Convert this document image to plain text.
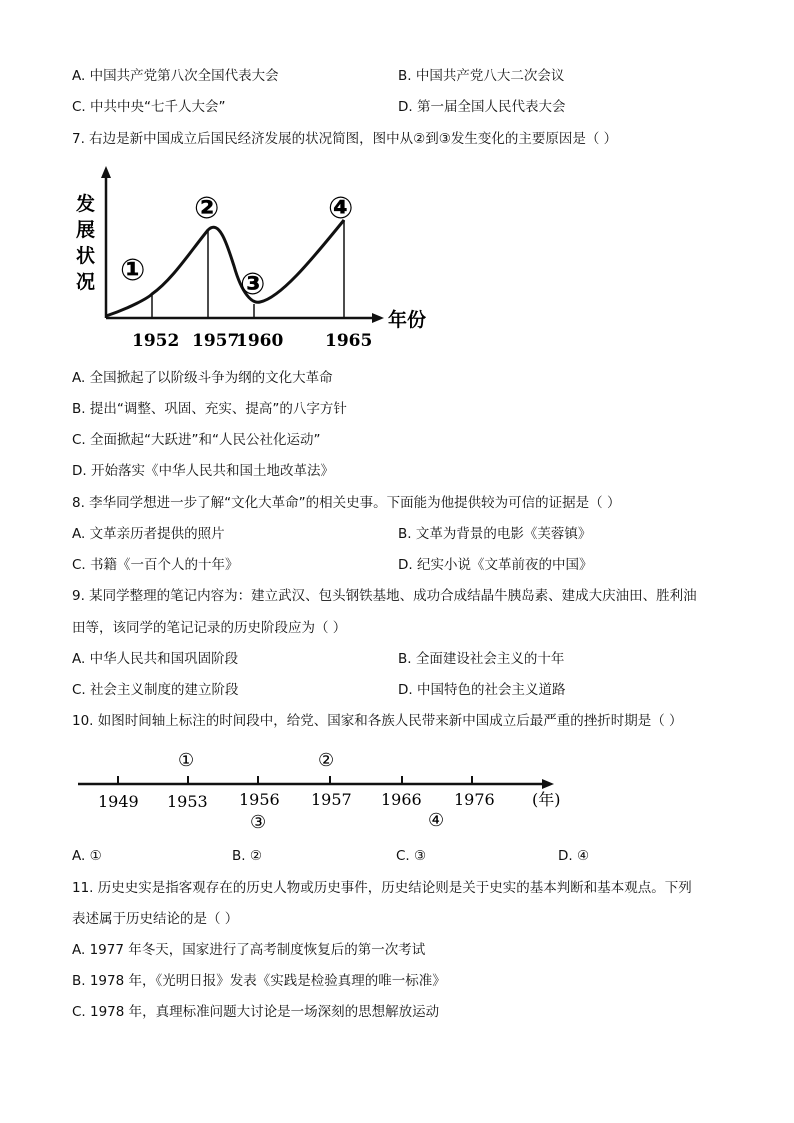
A. 中国共产党第八次全国代表大会	B. 中国共产党八大二次会议
C. 中共中央“七千人大会”	D. 第一届全国人民代表大会
7. 右边是新中国成立后国民经济发展的状况简图，图中从②到③发生变化的主要原因是（ ）
发
展
状
况
年份
①
②
③
④
1952 1957
1960 1965
A. 全国掀起了以阶级斗争为纲的文化大革命
B. 提出“调整、巩固、充实、提高”的八字方针
C. 全面掀起“大跃进”和“人民公社化运动”
D. 开始落实《中华人民共和国土地改革法》
8. 李华同学想进一步了解“文化大革命”的相关史事。下面能为他提供较为可信的证据是（ ）
A. 文革亲历者提供的照片	B. 文革为背景的电影《芙蓉镇》
C. 书籍《一百个人的十年》	D. 纪实小说《文革前夜的中国》
9. 某同学整理的笔记内容为：建立武汉、包头钢铁基地、成功合成结晶牛胰岛素、建成大庆油田、胜利油
田等，该同学的笔记记录的历史阶段应为（ ）
A. 中华人民共和国巩固阶段	B. 全面建设社会主义的十年
C. 社会主义制度的建立阶段	D. 中国特色的社会主义道路
10. 如图时间轴上标注的时间段中，给党、国家和各族人民带来新中国成立后最严重的挫折时期是（ ）
①	②
1949 1953 1956 1957 1966 1976 (年)
③	④
A. ①	B. ②	C. ③	D. ④
11. 历史史实是指客观存在的历史人物或历史事件，历史结论则是关于史实的基本判断和基本观点。下列
表述属于历史结论的是（ ）
A. 1977 年冬天，国家进行了高考制度恢复后的第一次考试
B. 1978 年，《光明日报》发表《实践是检验真理的唯一标准》
C. 1978 年，真理标准问题大讨论是一场深刻的思想解放运动
